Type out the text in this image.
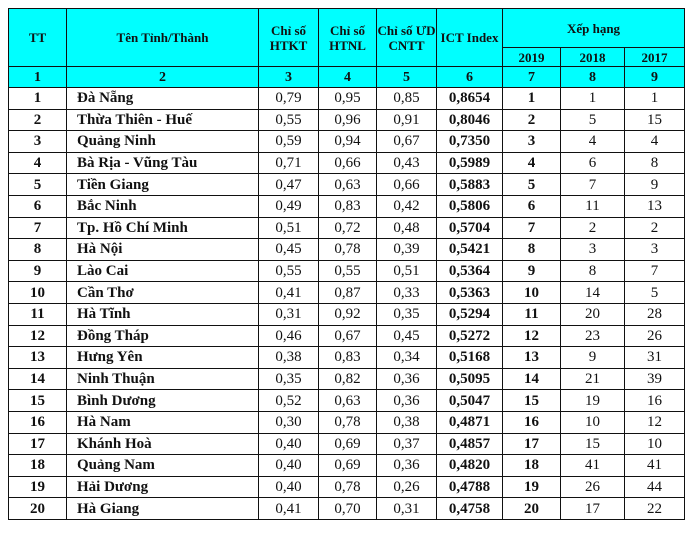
TT	Tên Tỉnh/Thành	Chỉ số HTKT	Chỉ số HTNL	Chỉ số ƯD CNTT	ICT Index	Xếp hạng		
						2019	2018	2017
1	2	3	4	5	6	7	8	9
1	Đà Nẵng	0,79	0,95	0,85	0,8654	1	1	1
2	Thừa Thiên - Huế	0,55	0,96	0,91	0,8046	2	5	15
3	Quảng Ninh	0,59	0,94	0,67	0,7350	3	4	4
4	Bà Rịa - Vũng Tàu	0,71	0,66	0,43	0,5989	4	6	8
5	Tiền Giang	0,47	0,63	0,66	0,5883	5	7	9
6	Bắc Ninh	0,49	0,83	0,42	0,5806	6	11	13
7	Tp. Hồ Chí Minh	0,51	0,72	0,48	0,5704	7	2	2
8	Hà Nội	0,45	0,78	0,39	0,5421	8	3	3
9	Lào Cai	0,55	0,55	0,51	0,5364	9	8	7
10	Cần Thơ	0,41	0,87	0,33	0,5363	10	14	5
11	Hà Tĩnh	0,31	0,92	0,35	0,5294	11	20	28
12	Đồng Tháp	0,46	0,67	0,45	0,5272	12	23	26
13	Hưng Yên	0,38	0,83	0,34	0,5168	13	9	31
14	Ninh Thuận	0,35	0,82	0,36	0,5095	14	21	39
15	Bình Dương	0,52	0,63	0,36	0,5047	15	19	16
16	Hà Nam	0,30	0,78	0,38	0,4871	16	10	12
17	Khánh Hoà	0,40	0,69	0,37	0,4857	17	15	10
18	Quảng Nam	0,40	0,69	0,36	0,4820	18	41	41
19	Hải Dương	0,40	0,78	0,26	0,4788	19	26	44
20	Hà Giang	0,41	0,70	0,31	0,4758	20	17	22
